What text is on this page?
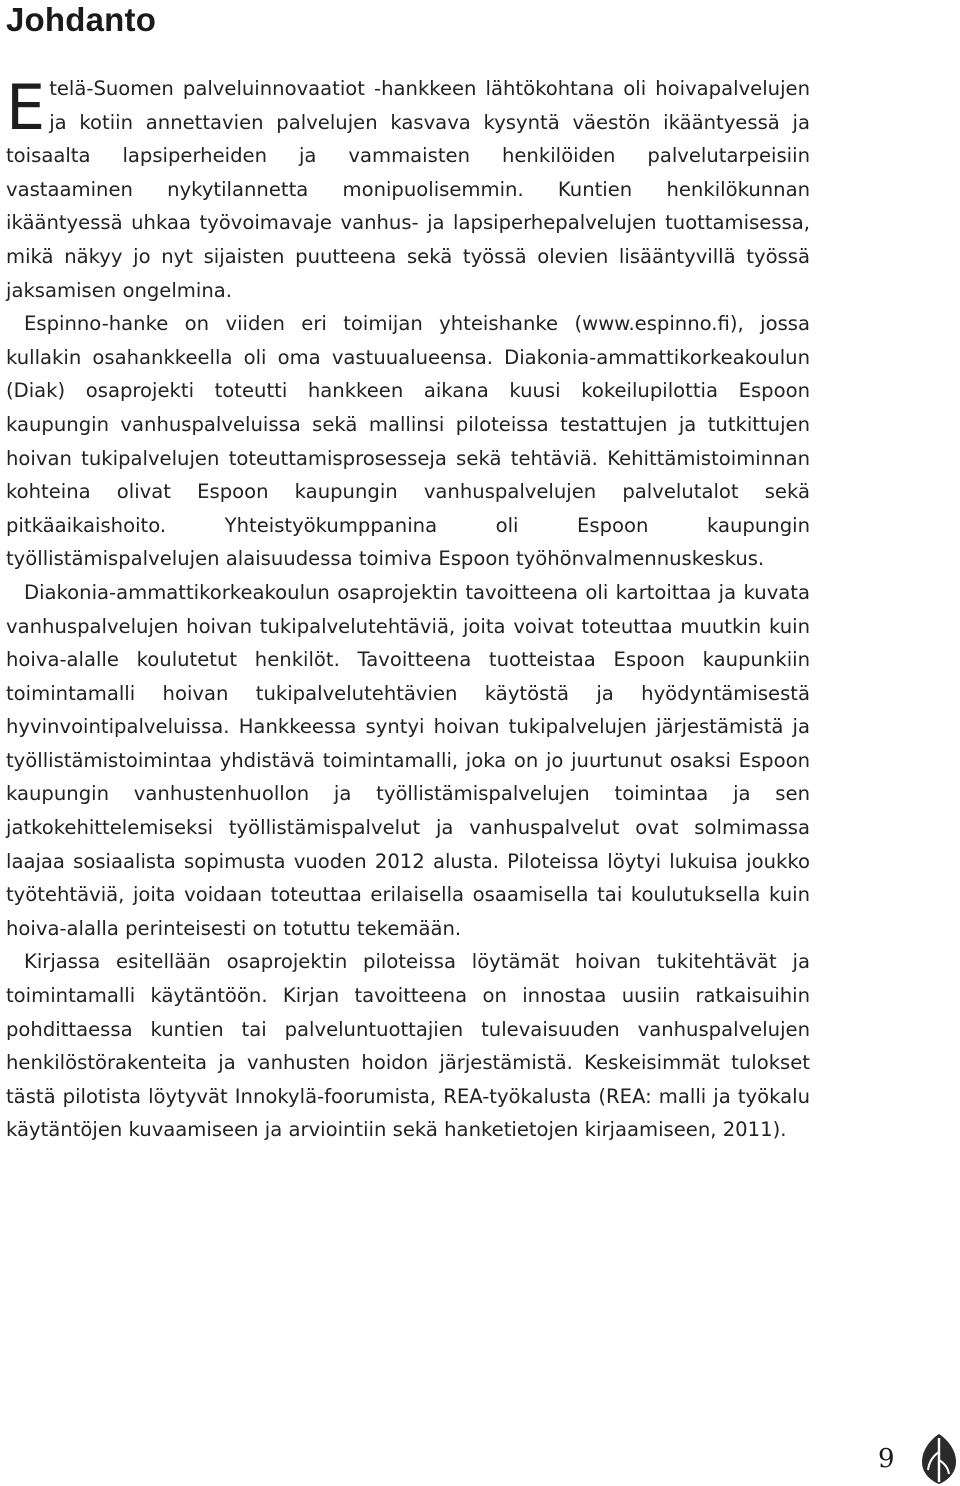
Johdanto

Etelä-Suomen palveluinnovaatiot -hankkeen lähtökohtana oli hoivapalvelujen ja kotiin annettavien palvelujen kasvava kysyntä väestön ikääntyessä ja toisaalta lapsiperheiden ja vammaisten henkilöiden palvelutarpeisiin vastaaminen nykytilannetta monipuolisemmin. Kuntien henkilökunnan ikääntyessä uhkaa työvoimavaje vanhus- ja lapsiperhepalvelujen tuottamisessa, mikä näkyy jo nyt sijaisten puutteena sekä työssä olevien lisääntyvillä työssä jaksamisen ongelmina.

Espinno-hanke on viiden eri toimijan yhteishanke (www.espinno.fi), jossa kullakin osahankkeella oli oma vastuualueensa. Diakonia-ammattikorkeakoulun (Diak) osaprojekti toteutti hankkeen aikana kuusi kokeilupilottia Espoon kaupungin vanhuspalveluissa sekä mallinsi piloteissa testattujen ja tutkittujen hoivan tukipalvelujen toteuttamisprosesseja sekä tehtäviä. Kehittämistoiminnan kohteina olivat Espoon kaupungin vanhuspalvelujen palvelutalot sekä pitkäaikaishoito. Yhteistyökumppanina oli Espoon kaupungin työllistämispalvelujen alaisuudessa toimiva Espoon työhönvalmennuskeskus.

Diakonia-ammattikorkeakoulun osaprojektin tavoitteena oli kartoittaa ja kuvata vanhuspalvelujen hoivan tukipalvelutehtäviä, joita voivat toteuttaa muutkin kuin hoiva-alalle koulutetut henkilöt. Tavoitteena tuotteistaa Espoon kaupunkiin toimintamalli hoivan tukipalvelutehtävien käytöstä ja hyödyntämisestä hyvinvointipalveluissa. Hankkeessa syntyi hoivan tukipalvelujen järjestämistä ja työllistämistoimintaa yhdistävä toimintamalli, joka on jo juurtunut osaksi Espoon kaupungin vanhustenhuollon ja työllistämispalvelujen toimintaa ja sen jatkokehittelemiseksi työllistämispalvelut ja vanhuspalvelut ovat solmimassa laajaa sosiaalista sopimusta vuoden 2012 alusta. Piloteissa löytyi lukuisa joukko työtehtäviä, joita voidaan toteuttaa erilaisella osaamisella tai koulutuksella kuin hoiva-alalla perinteisesti on totuttu tekemään.

Kirjassa esitellään osaprojektin piloteissa löytämät hoivan tukitehtävät ja toimintamalli käytäntöön. Kirjan tavoitteena on innostaa uusiin ratkaisuihin pohdittaessa kuntien tai palveluntuottajien tulevaisuuden vanhuspalvelujen henkilöstörakenteita ja vanhusten hoidon järjestämistä. Keskeisimmät tulokset tästä pilotista löytyvät Innokylä-foorumista, REA-työkalusta (REA: malli ja työkalu käytäntöjen kuvaamiseen ja arviointiin sekä hanketietojen kirjaamiseen, 2011).

9
